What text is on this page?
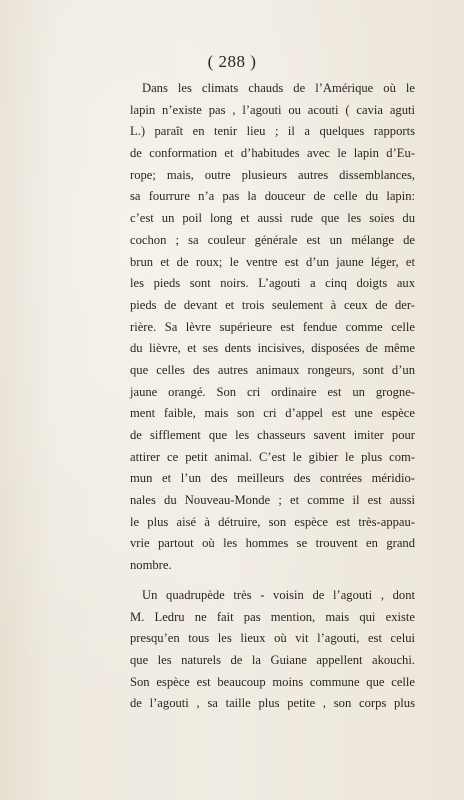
( 288 )
Dans les climats chauds de l’Amérique où le
lapin n’existe pas , l’agouti ou acouti ( cavia aguti
L.) paraît en tenir lieu ; il a quelques rapports
de conformation et d’habitudes avec le lapin d’Eu-
rope; mais, outre plusieurs autres dissemblances,
sa fourrure n’a pas la douceur de celle du lapin:
c’est un poil long et aussi rude que les soies du
cochon ; sa couleur générale est un mélange de
brun et de roux; le ventre est d’un jaune léger, et
les pieds sont noirs. L’agouti a cinq doigts aux
pieds de devant et trois seulement à ceux de der-
rière. Sa lèvre supérieure est fendue comme celle
du lièvre, et ses dents incisives, disposées de même
que celles des autres animaux rongeurs, sont d’un
jaune orangé. Son cri ordinaire est un grogne-
ment faible, mais son cri d’appel est une espèce
de sifflement que les chasseurs savent imiter pour
attirer ce petit animal. C’est le gibier le plus com-
mun et l’un des meilleurs des contrées méridio-
nales du Nouveau-Monde ; et comme il est aussi
le plus aisé à détruire, son espèce est très-appau-
vrie partout où les hommes se trouvent en grand
nombre.
Un quadrupède très - voisin de l’agouti , dont
M. Ledru ne fait pas mention, mais qui existe
presqu’en tous les lieux où vit l’agouti, est celui
que les naturels de la Guiane appellent akouchi.
Son espèce est beaucoup moins commune que celle
de l’agouti , sa taille plus petite , son corps plus
